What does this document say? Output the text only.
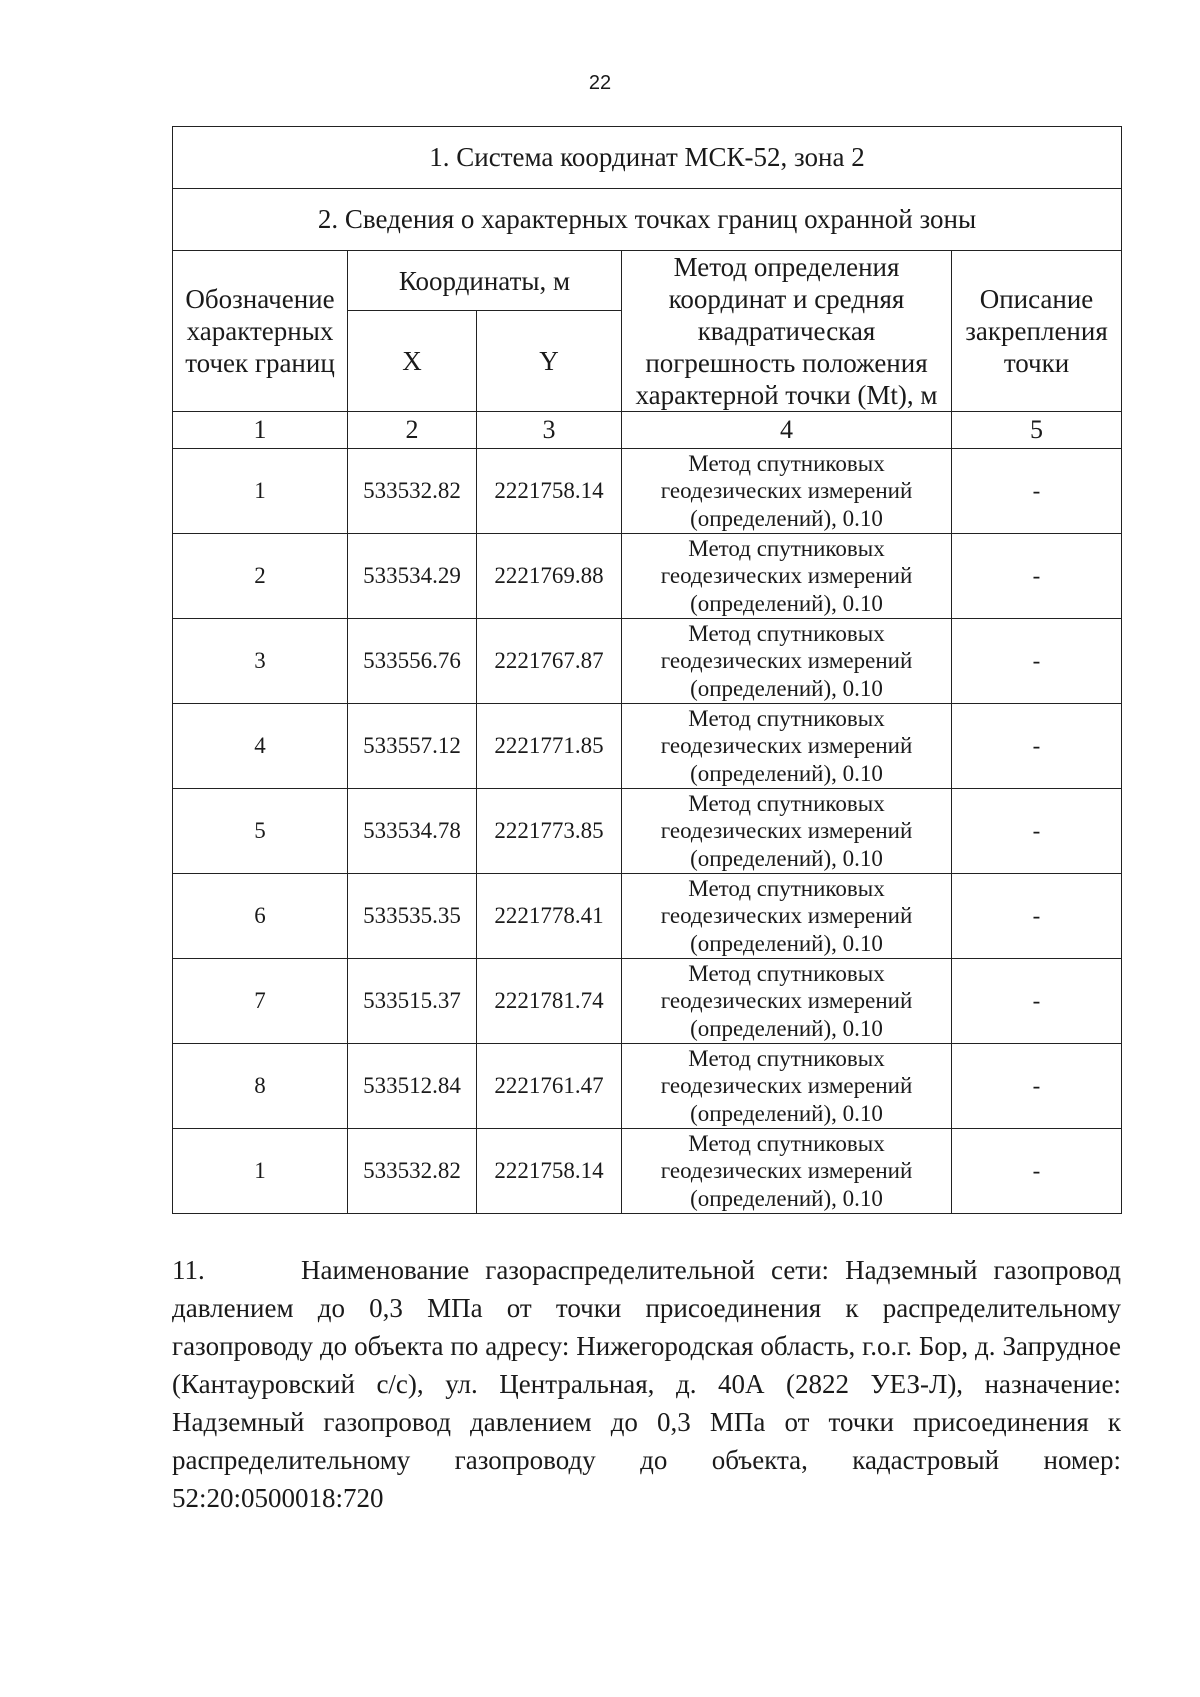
22
1. Система координат МСК-52, зона 2				
2. Сведения о характерных точках границ охранной зоны				
Обозначение характерных точек границ	Координаты, м		Метод определения координат и средняя квадратическая погрешность положения характерной точки (Mt), м	Описание закрепления точки
	X	Y		
1	2	3	4	5
1	533532.82	2221758.14	Метод спутниковых геодезических измерений (определений), 0.10	-
2	533534.29	2221769.88	Метод спутниковых геодезических измерений (определений), 0.10	-
3	533556.76	2221767.87	Метод спутниковых геодезических измерений (определений), 0.10	-
4	533557.12	2221771.85	Метод спутниковых геодезических измерений (определений), 0.10	-
5	533534.78	2221773.85	Метод спутниковых геодезических измерений (определений), 0.10	-
6	533535.35	2221778.41	Метод спутниковых геодезических измерений (определений), 0.10	-
7	533515.37	2221781.74	Метод спутниковых геодезических измерений (определений), 0.10	-
8	533512.84	2221761.47	Метод спутниковых геодезических измерений (определений), 0.10	-
1	533532.82	2221758.14	Метод спутниковых геодезических измерений (определений), 0.10	-

11.      Наименование газораспределительной сети: Надземный газопровод давлением до 0,3 МПа от точки присоединения к распределительному газопроводу до объекта по адресу: Нижегородская область, г.о.г. Бор, д. Запрудное (Кантауровский с/с), ул. Центральная, д. 40А (2822 УЕЗ-Л), назначение: Надземный газопровод давлением до 0,3 МПа от точки присоединения к распределительному газопроводу до объекта, кадастровый номер: 52:20:0500018:720
